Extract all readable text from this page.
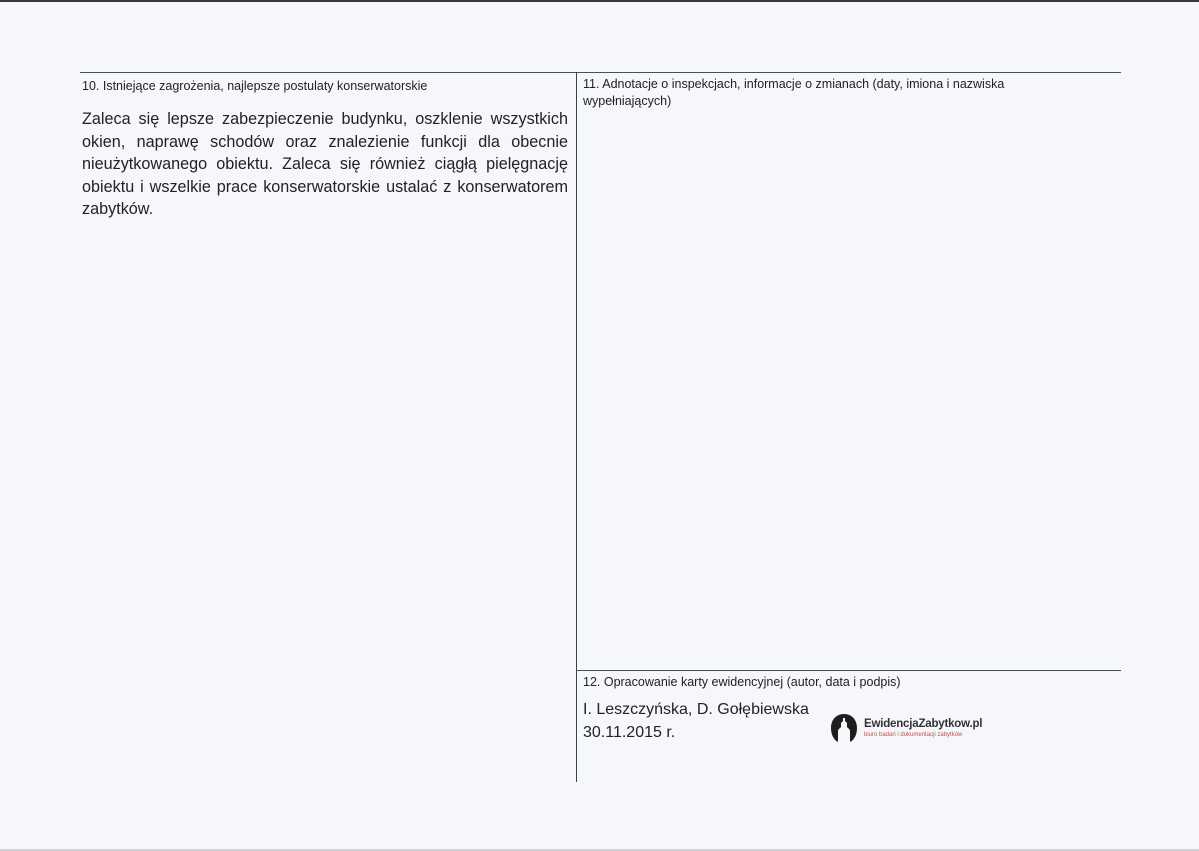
10. Istniejące zagrożenia, najlepsze postulaty konserwatorskie
Zaleca się lepsze zabezpieczenie budynku, oszklenie wszystkich okien, naprawę schodów oraz znalezienie funkcji dla obecnie nieużytkowanego obiektu. Zaleca się również ciągłą pielęgnację obiektu i wszelkie prace konserwatorskie ustalać z konserwatorem zabytków.
11. Adnotacje o inspekcjach, informacje o zmianach (daty, imiona i nazwiska
wypełniających)
12. Opracowanie karty ewidencyjnej (autor, data i podpis)
I. Leszczyńska, D. Gołębiewska
30.11.2015 r.
EwidencjaZabytkow.pl
biuro badań i dokumentacji zabytków
